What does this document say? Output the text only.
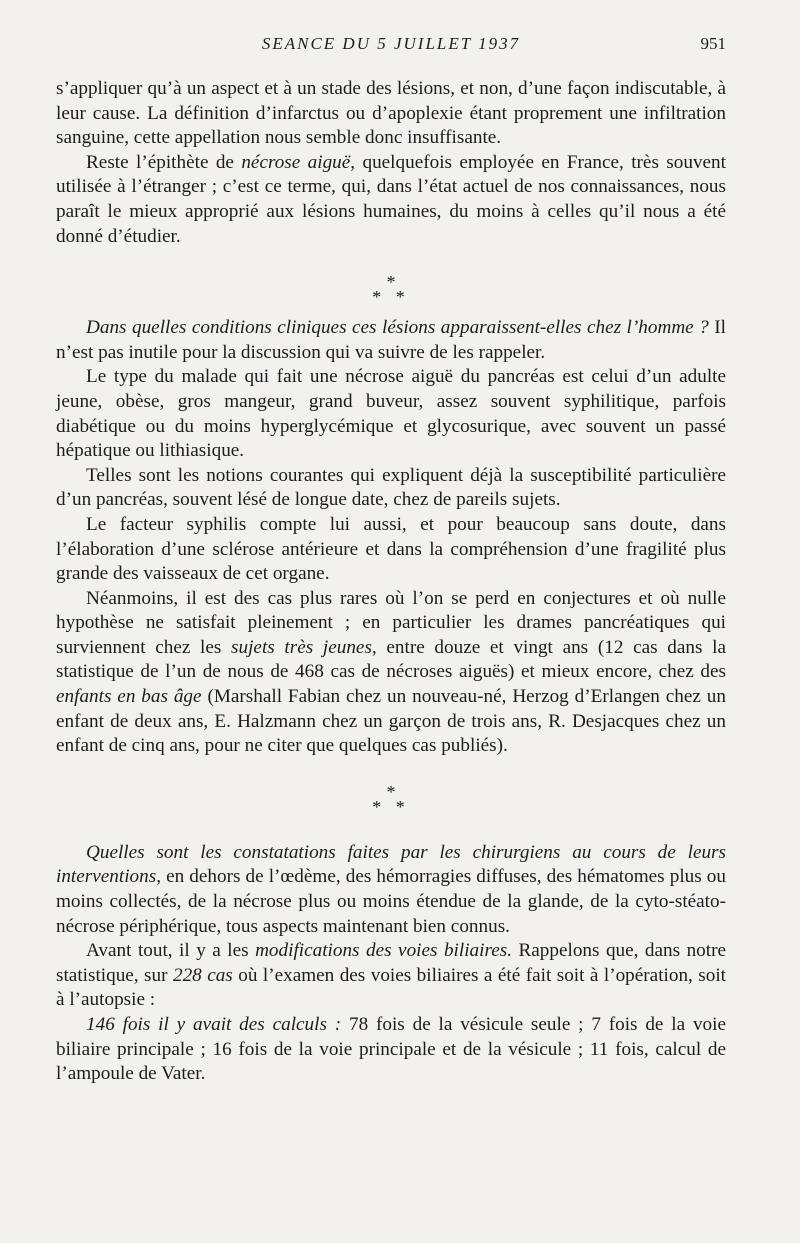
SEANCE DU 5 JUILLET 1937	951

s’appliquer qu’à un aspect et à un stade des lésions, et non, d’une façon indiscutable, à leur cause. La définition d’infarctus ou d’apoplexie étant proprement une infiltration sanguine, cette appellation nous semble donc insuffisante.

Reste l’épithète de nécrose aiguë, quelquefois employée en France, très souvent utilisée à l’étranger ; c’est ce terme, qui, dans l’état actuel de nos connaissances, nous paraît le mieux approprié aux lésions humaines, du moins à celles qu’il nous a été donné d’étudier.

*
* *

Dans quelles conditions cliniques ces lésions apparaissent-elles chez l’homme ? Il n’est pas inutile pour la discussion qui va suivre de les rappeler.

Le type du malade qui fait une nécrose aiguë du pancréas est celui d’un adulte jeune, obèse, gros mangeur, grand buveur, assez souvent syphilitique, parfois diabétique ou du moins hyperglycémique et glycosurique, avec souvent un passé hépatique ou lithiasique.

Telles sont les notions courantes qui expliquent déjà la susceptibilité particulière d’un pancréas, souvent lésé de longue date, chez de pareils sujets.

Le facteur syphilis compte lui aussi, et pour beaucoup sans doute, dans l’élaboration d’une sclérose antérieure et dans la compréhension d’une fragilité plus grande des vaisseaux de cet organe.

Néanmoins, il est des cas plus rares où l’on se perd en conjectures et où nulle hypothèse ne satisfait pleinement ; en particulier les drames pancréatiques qui surviennent chez les sujets très jeunes, entre douze et vingt ans (12 cas dans la statistique de l’un de nous de 468 cas de nécroses aiguës) et mieux encore, chez des enfants en bas âge (Marshall Fabian chez un nouveau-né, Herzog d’Erlangen chez un enfant de deux ans, E. Halzmann chez un garçon de trois ans, R. Desjacques chez un enfant de cinq ans, pour ne citer que quelques cas publiés).

*
* *

Quelles sont les constatations faites par les chirurgiens au cours de leurs interventions, en dehors de l’œdème, des hémorragies diffuses, des hématomes plus ou moins collectés, de la nécrose plus ou moins étendue de la glande, de la cyto-stéato-nécrose périphérique, tous aspects maintenant bien connus.

Avant tout, il y a les modifications des voies biliaires. Rappelons que, dans notre statistique, sur 228 cas où l’examen des voies biliaires a été fait soit à l’opération, soit à l’autopsie :

146 fois il y avait des calculs : 78 fois de la vésicule seule ; 7 fois de la voie biliaire principale ; 16 fois de la voie principale et de la vésicule ; 11 fois, calcul de l’ampoule de Vater.
